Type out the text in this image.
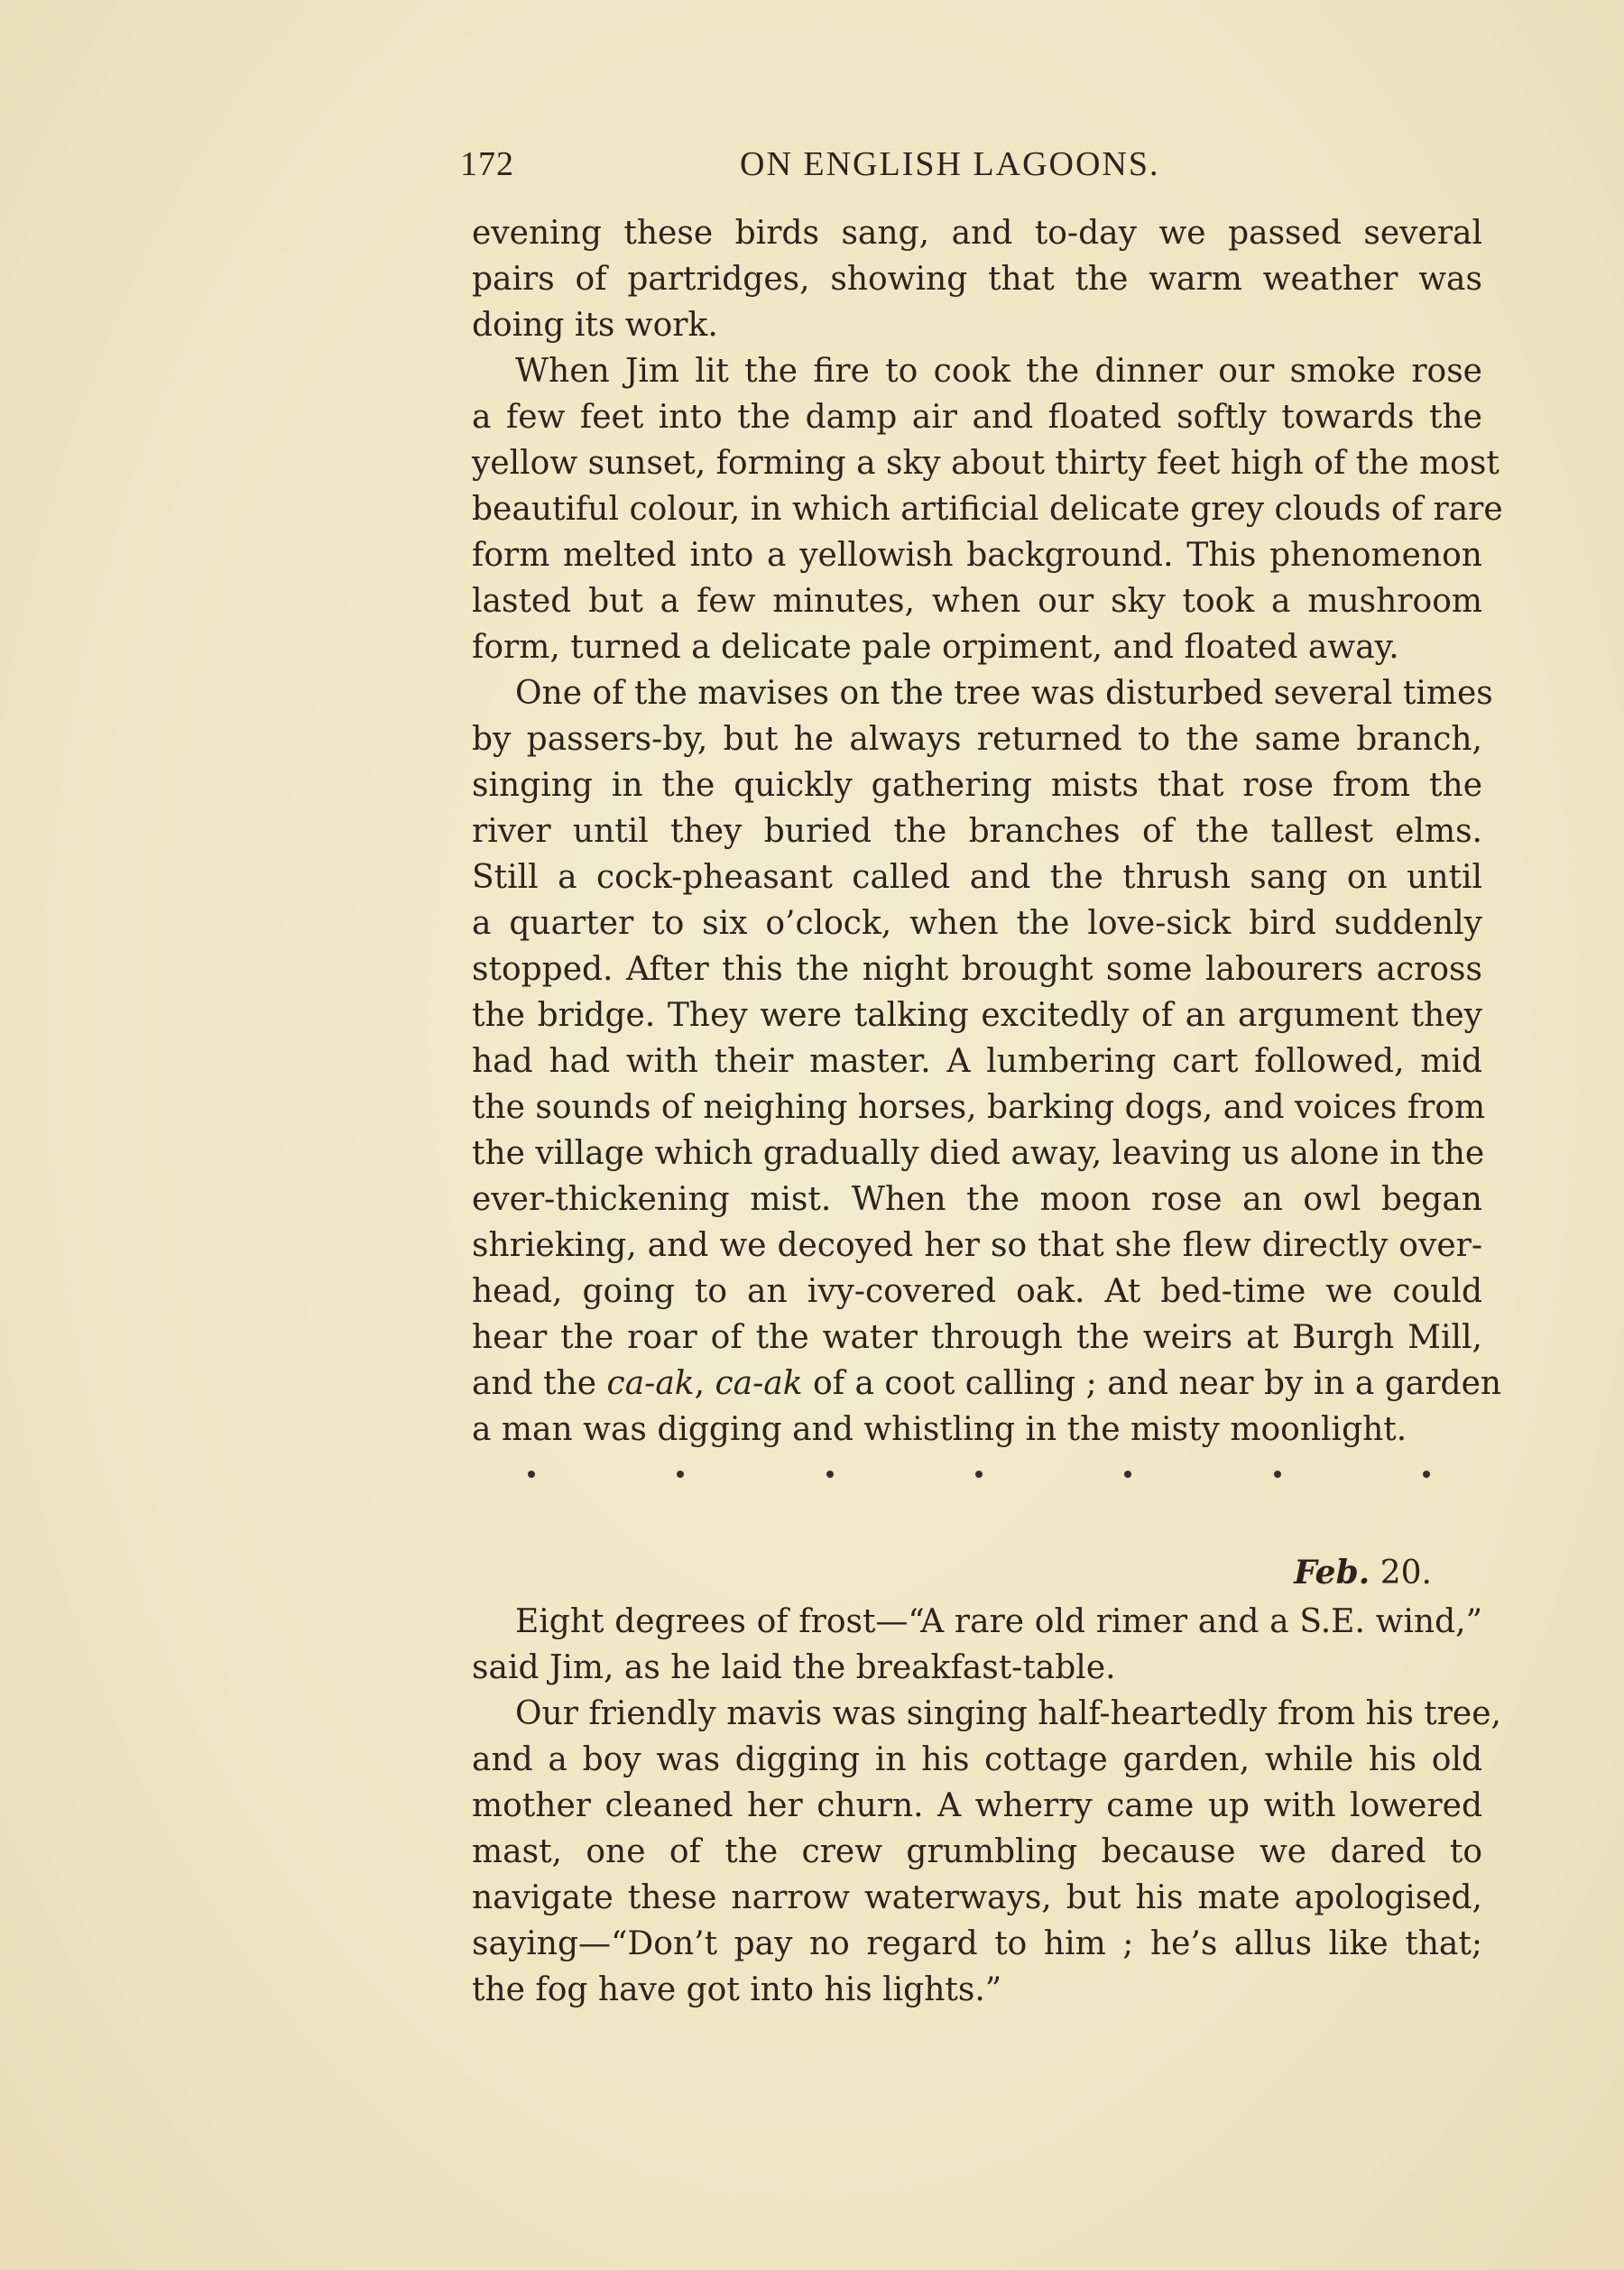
172	ON ENGLISH LAGOONS.
evening these birds sang, and to-day we passed several
pairs of partridges, showing that the warm weather was
doing its work.
When Jim lit the fire to cook the dinner our smoke rose
a few feet into the damp air and floated softly towards the
yellow sunset, forming a sky about thirty feet high of the most
beautiful colour, in which artificial delicate grey clouds of rare
form melted into a yellowish background. This phenomenon
lasted but a few minutes, when our sky took a mushroom
form, turned a delicate pale orpiment, and floated away.
One of the mavises on the tree was disturbed several times
by passers-by, but he always returned to the same branch,
singing in the quickly gathering mists that rose from the
river until they buried the branches of the tallest elms.
Still a cock-pheasant called and the thrush sang on until
a quarter to six o’clock, when the love-sick bird suddenly
stopped. After this the night brought some labourers across
the bridge. They were talking excitedly of an argument they
had had with their master. A lumbering cart followed, mid
the sounds of neighing horses, barking dogs, and voices from
the village which gradually died away, leaving us alone in the
ever-thickening mist. When the moon rose an owl began
shrieking, and we decoyed her so that she flew directly over-
head, going to an ivy-covered oak. At bed-time we could
hear the roar of the water through the weirs at Burgh Mill,
and the ca-ak, ca-ak of a coot calling ; and near by in a garden
a man was digging and whistling in the misty moonlight.
Feb. 20.
Eight degrees of frost—“A rare old rimer and a S.E. wind,”
said Jim, as he laid the breakfast-table.
Our friendly mavis was singing half-heartedly from his tree,
and a boy was digging in his cottage garden, while his old
mother cleaned her churn. A wherry came up with lowered
mast, one of the crew grumbling because we dared to
navigate these narrow waterways, but his mate apologised,
saying—“Don’t pay no regard to him ; he’s allus like that;
the fog have got into his lights.”
